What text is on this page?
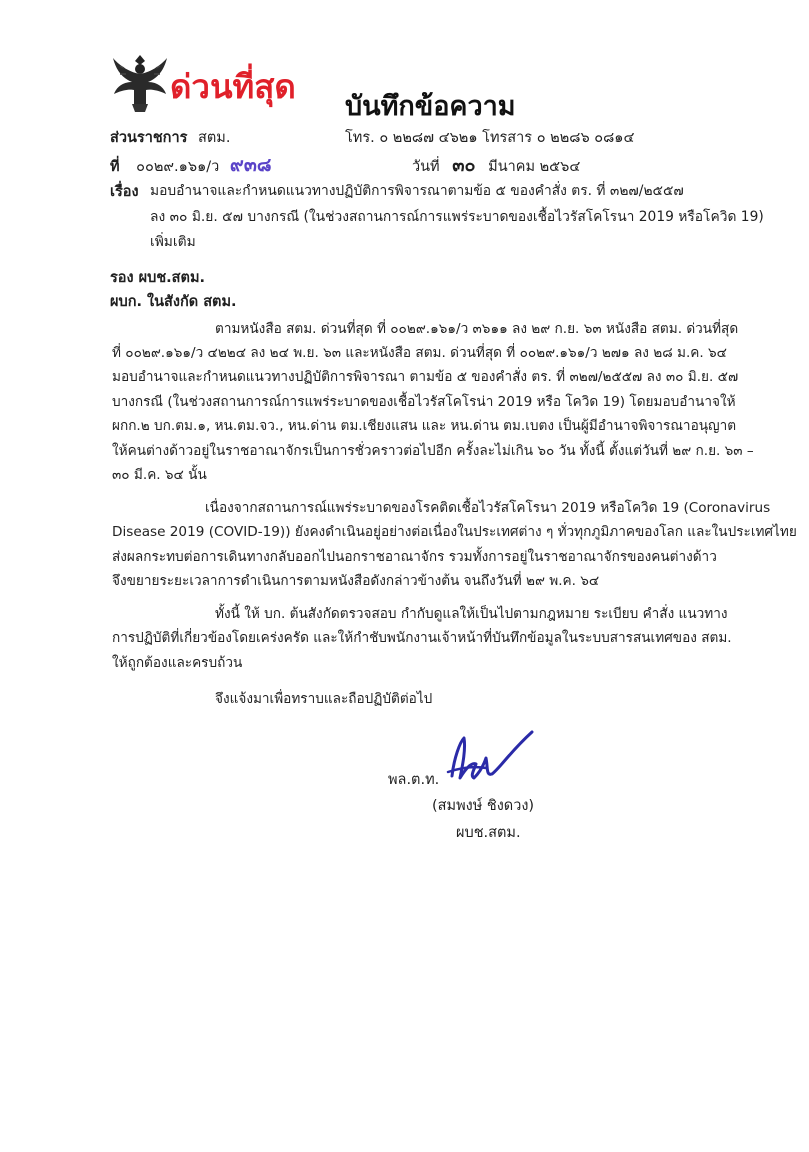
ด่วนที่สุด
บันทึกข้อความ
ส่วนราชการ สตม.	โทร. ๐ ๒๒๘๗ ๔๖๒๑ โทรสาร ๐ ๒๒๘๖ ๐๘๑๔
ที่ ๐๐๒๙.๑๖๑/ว ๙๓๘	วันที่ ๓๐ มีนาคม ๒๕๖๔
เรื่อง มอบอำนาจและกำหนดแนวทางปฏิบัติการพิจารณาตามข้อ ๕ ของคำสั่ง ตร. ที่ ๓๒๗/๒๕๕๗
ลง ๓๐ มิ.ย. ๕๗ บางกรณี (ในช่วงสถานการณ์การแพร่ระบาดของเชื้อไวรัสโคโรนา 2019 หรือโควิด 19)
เพิ่มเติม
รอง ผบช.สตม.
ผบก. ในสังกัด สตม.
ตามหนังสือ สตม. ด่วนที่สุด ที่ ๐๐๒๙.๑๖๑/ว ๓๖๑๑ ลง ๒๙ ก.ย. ๖๓ หนังสือ สตม. ด่วนที่สุด
ที่ ๐๐๒๙.๑๖๑/ว ๔๒๒๔ ลง ๒๔ พ.ย. ๖๓ และหนังสือ สตม. ด่วนที่สุด ที่ ๐๐๒๙.๑๖๑/ว ๒๗๑ ลง ๒๘ ม.ค. ๖๔
มอบอำนาจและกำหนดแนวทางปฏิบัติการพิจารณา ตามข้อ ๕ ของคำสั่ง ตร. ที่ ๓๒๗/๒๕๕๗ ลง ๓๐ มิ.ย. ๕๗
บางกรณี (ในช่วงสถานการณ์การแพร่ระบาดของเชื้อไวรัสโคโรน่า 2019 หรือ โควิด 19) โดยมอบอำนาจให้
ผกก.๒ บก.ตม.๑, หน.ตม.จว., หน.ด่าน ตม.เชียงแสน และ หน.ด่าน ตม.เบตง เป็นผู้มีอำนาจพิจารณาอนุญาต
ให้คนต่างด้าวอยู่ในราชอาณาจักรเป็นการชั่วคราวต่อไปอีก ครั้งละไม่เกิน ๖๐ วัน ทั้งนี้ ตั้งแต่วันที่ ๒๙ ก.ย. ๖๓ –
๓๐ มี.ค. ๖๔ นั้น
เนื่องจากสถานการณ์แพร่ระบาดของโรคติดเชื้อไวรัสโคโรนา 2019 หรือโควิด 19 (Coronavirus
Disease 2019 (COVID-19)) ยังคงดำเนินอยู่อย่างต่อเนื่องในประเทศต่าง ๆ ทั่วทุกภูมิภาคของโลก และในประเทศไทย
ส่งผลกระทบต่อการเดินทางกลับออกไปนอกราชอาณาจักร รวมทั้งการอยู่ในราชอาณาจักรของคนต่างด้าว
จึงขยายระยะเวลาการดำเนินการตามหนังสือดังกล่าวข้างต้น จนถึงวันที่ ๒๙ พ.ค. ๖๔
ทั้งนี้ ให้ บก. ต้นสังกัดตรวจสอบ กำกับดูแลให้เป็นไปตามกฎหมาย ระเบียบ คำสั่ง แนวทาง
การปฏิบัติที่เกี่ยวข้องโดยเคร่งครัด และให้กำชับพนักงานเจ้าหน้าที่บันทึกข้อมูลในระบบสารสนเทศของ สตม.
ให้ถูกต้องและครบถ้วน
จึงแจ้งมาเพื่อทราบและถือปฏิบัติต่อไป
พล.ต.ท.
(สมพงษ์ ชิงดวง)
ผบช.สตม.
